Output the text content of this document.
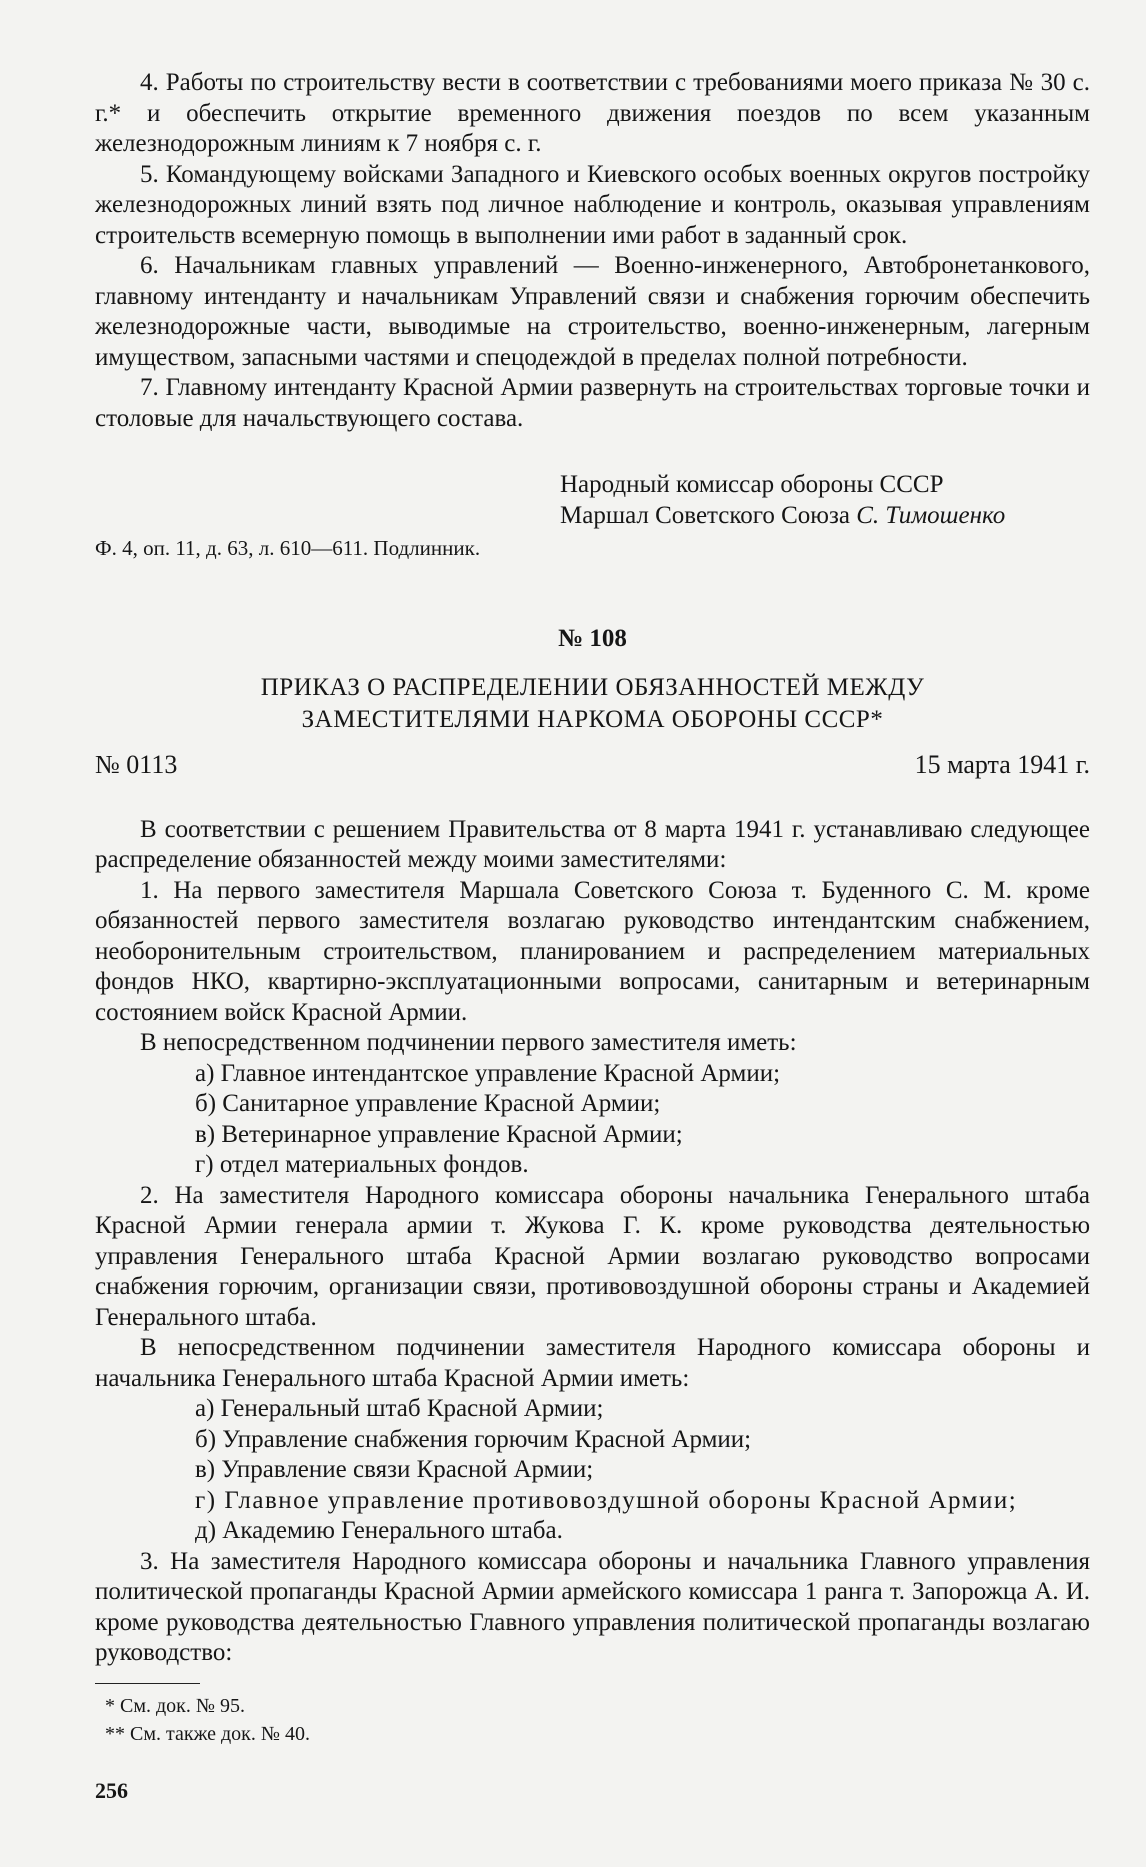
4. Работы по строительству вести в соответствии с требованиями моего приказа № 30 с. г.* и обеспечить открытие временного движения поездов по всем указанным железнодорожным линиям к 7 ноября с. г.

5. Командующему войсками Западного и Киевского особых военных округов постройку железнодорожных линий взять под личное наблюдение и контроль, оказывая управлениям строительств всемерную помощь в выполнении ими работ в заданный срок.

6. Начальникам главных управлений — Военно-инженерного, Автобронетанкового, главному интенданту и начальникам Управлений связи и снабжения горючим обеспечить железнодорожные части, выводимые на строительство, военно-инженерным, лагерным имуществом, запасными частями и спецодеждой в пределах полной потребности.

7. Главному интенданту Красной Армии развернуть на строительствах торговые точки и столовые для начальствующего состава.

Народный комиссар обороны СССР
Маршал Советского Союза С. Тимошенко

Ф. 4, оп. 11, д. 63, л. 610—611. Подлинник.

№ 108
ПРИКАЗ О РАСПРЕДЕЛЕНИИ ОБЯЗАННОСТЕЙ МЕЖДУ
ЗАМЕСТИТЕЛЯМИ НАРКОМА ОБОРОНЫ СССР*
№ 0113	15 марта 1941 г.

В соответствии с решением Правительства от 8 марта 1941 г. устанавливаю следующее распределение обязанностей между моими заместителями:

1. На первого заместителя Маршала Советского Союза т. Буденного С. М. кроме обязанностей первого заместителя возлагаю руководство интендантским снабжением, необоронительным строительством, планированием и распределением материальных фондов НКО, квартирно-эксплуатационными вопросами, санитарным и ветеринарным состоянием войск Красной Армии.

В непосредственном подчинении первого заместителя иметь:

а) Главное интендантское управление Красной Армии;

б) Санитарное управление Красной Армии;

в) Ветеринарное управление Красной Армии;

г) отдел материальных фондов.

2. На заместителя Народного комиссара обороны начальника Генерального штаба Красной Армии генерала армии т. Жукова Г. К. кроме руководства деятельностью управления Генерального штаба Красной Армии возлагаю руководство вопросами снабжения горючим, организации связи, противовоздушной обороны страны и Академией Генерального штаба.

В непосредственном подчинении заместителя Народного комиссара обороны и начальника Генерального штаба Красной Армии иметь:

а) Генеральный штаб Красной Армии;

б) Управление снабжения горючим Красной Армии;

в) Управление связи Красной Армии;

г) Главное управление противовоздушной обороны Красной Армии;

д) Академию Генерального штаба.

3. На заместителя Народного комиссара обороны и начальника Главного управления политической пропаганды Красной Армии армейского комиссара 1 ранга т. Запорожца А. И. кроме руководства деятельностью Главного управления политической пропаганды возлагаю руководство:

* См. док. № 95.
** См. также док. № 40.
256
